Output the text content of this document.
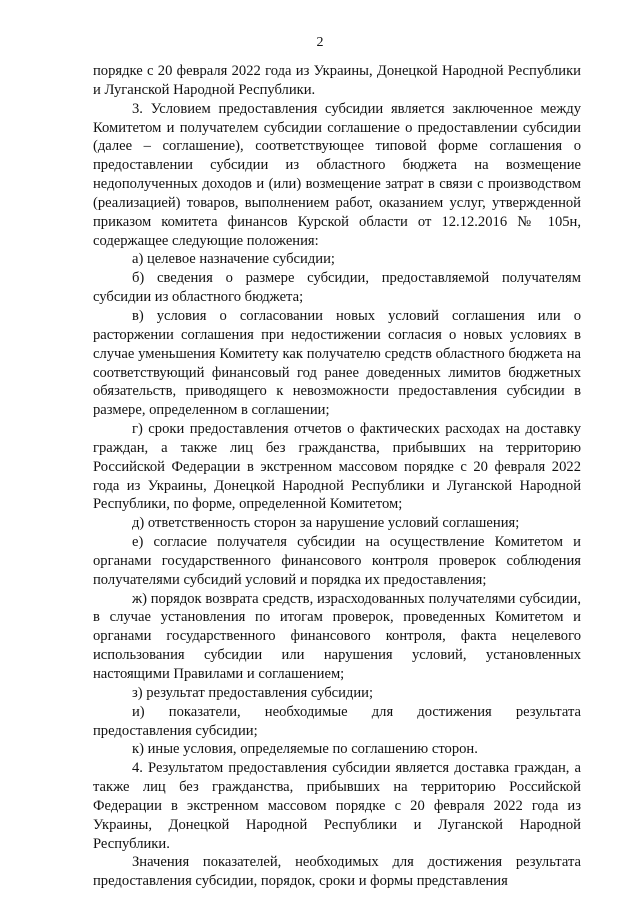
2

порядке с 20 февраля 2022 года из Украины, Донецкой Народной Республики и Луганской Народной Республики.

3. Условием предоставления субсидии является заключенное между Комитетом и получателем субсидии соглашение о предоставлении субсидии (далее – соглашение), соответствующее типовой форме соглашения о предоставлении субсидии из областного бюджета на возмещение недополученных доходов и (или) возмещение затрат в связи с производством (реализацией) товаров, выполнением работ, оказанием услуг, утвержденной приказом комитета финансов Курской области от 12.12.2016 № 105н, содержащее следующие положения:

а) целевое назначение субсидии;

б) сведения о размере субсидии, предоставляемой получателям субсидии из областного бюджета;

в) условия о согласовании новых условий соглашения или о расторжении соглашения при недостижении согласия о новых условиях в случае уменьшения Комитету как получателю средств областного бюджета на соответствующий финансовый год ранее доведенных лимитов бюджетных обязательств, приводящего к невозможности предоставления субсидии в размере, определенном в соглашении;

г) сроки предоставления отчетов о фактических расходах на доставку граждан, а также лиц без гражданства, прибывших на территорию Российской Федерации в экстренном массовом порядке с 20 февраля 2022 года из Украины, Донецкой Народной Республики и Луганской Народной Республики, по форме, определенной Комитетом;

д) ответственность сторон за нарушение условий соглашения;

е) согласие получателя субсидии на осуществление Комитетом и органами государственного финансового контроля проверок соблюдения получателями субсидий условий и порядка их предоставления;

ж) порядок возврата средств, израсходованных получателями субсидии, в случае установления по итогам проверок, проведенных Комитетом и органами государственного финансового контроля, факта нецелевого использования субсидии или нарушения условий, установленных настоящими Правилами и соглашением;

з) результат предоставления субсидии;

и) показатели, необходимые для достижения результата предоставления субсидии;

к) иные условия, определяемые по соглашению сторон.

4. Результатом предоставления субсидии является доставка граждан, а также лиц без гражданства, прибывших на территорию Российской Федерации в экстренном массовом порядке с 20 февраля 2022 года из Украины, Донецкой Народной Республики и Луганской Народной Республики.

Значения показателей, необходимых для достижения результата предоставления субсидии, порядок, сроки и формы представления
